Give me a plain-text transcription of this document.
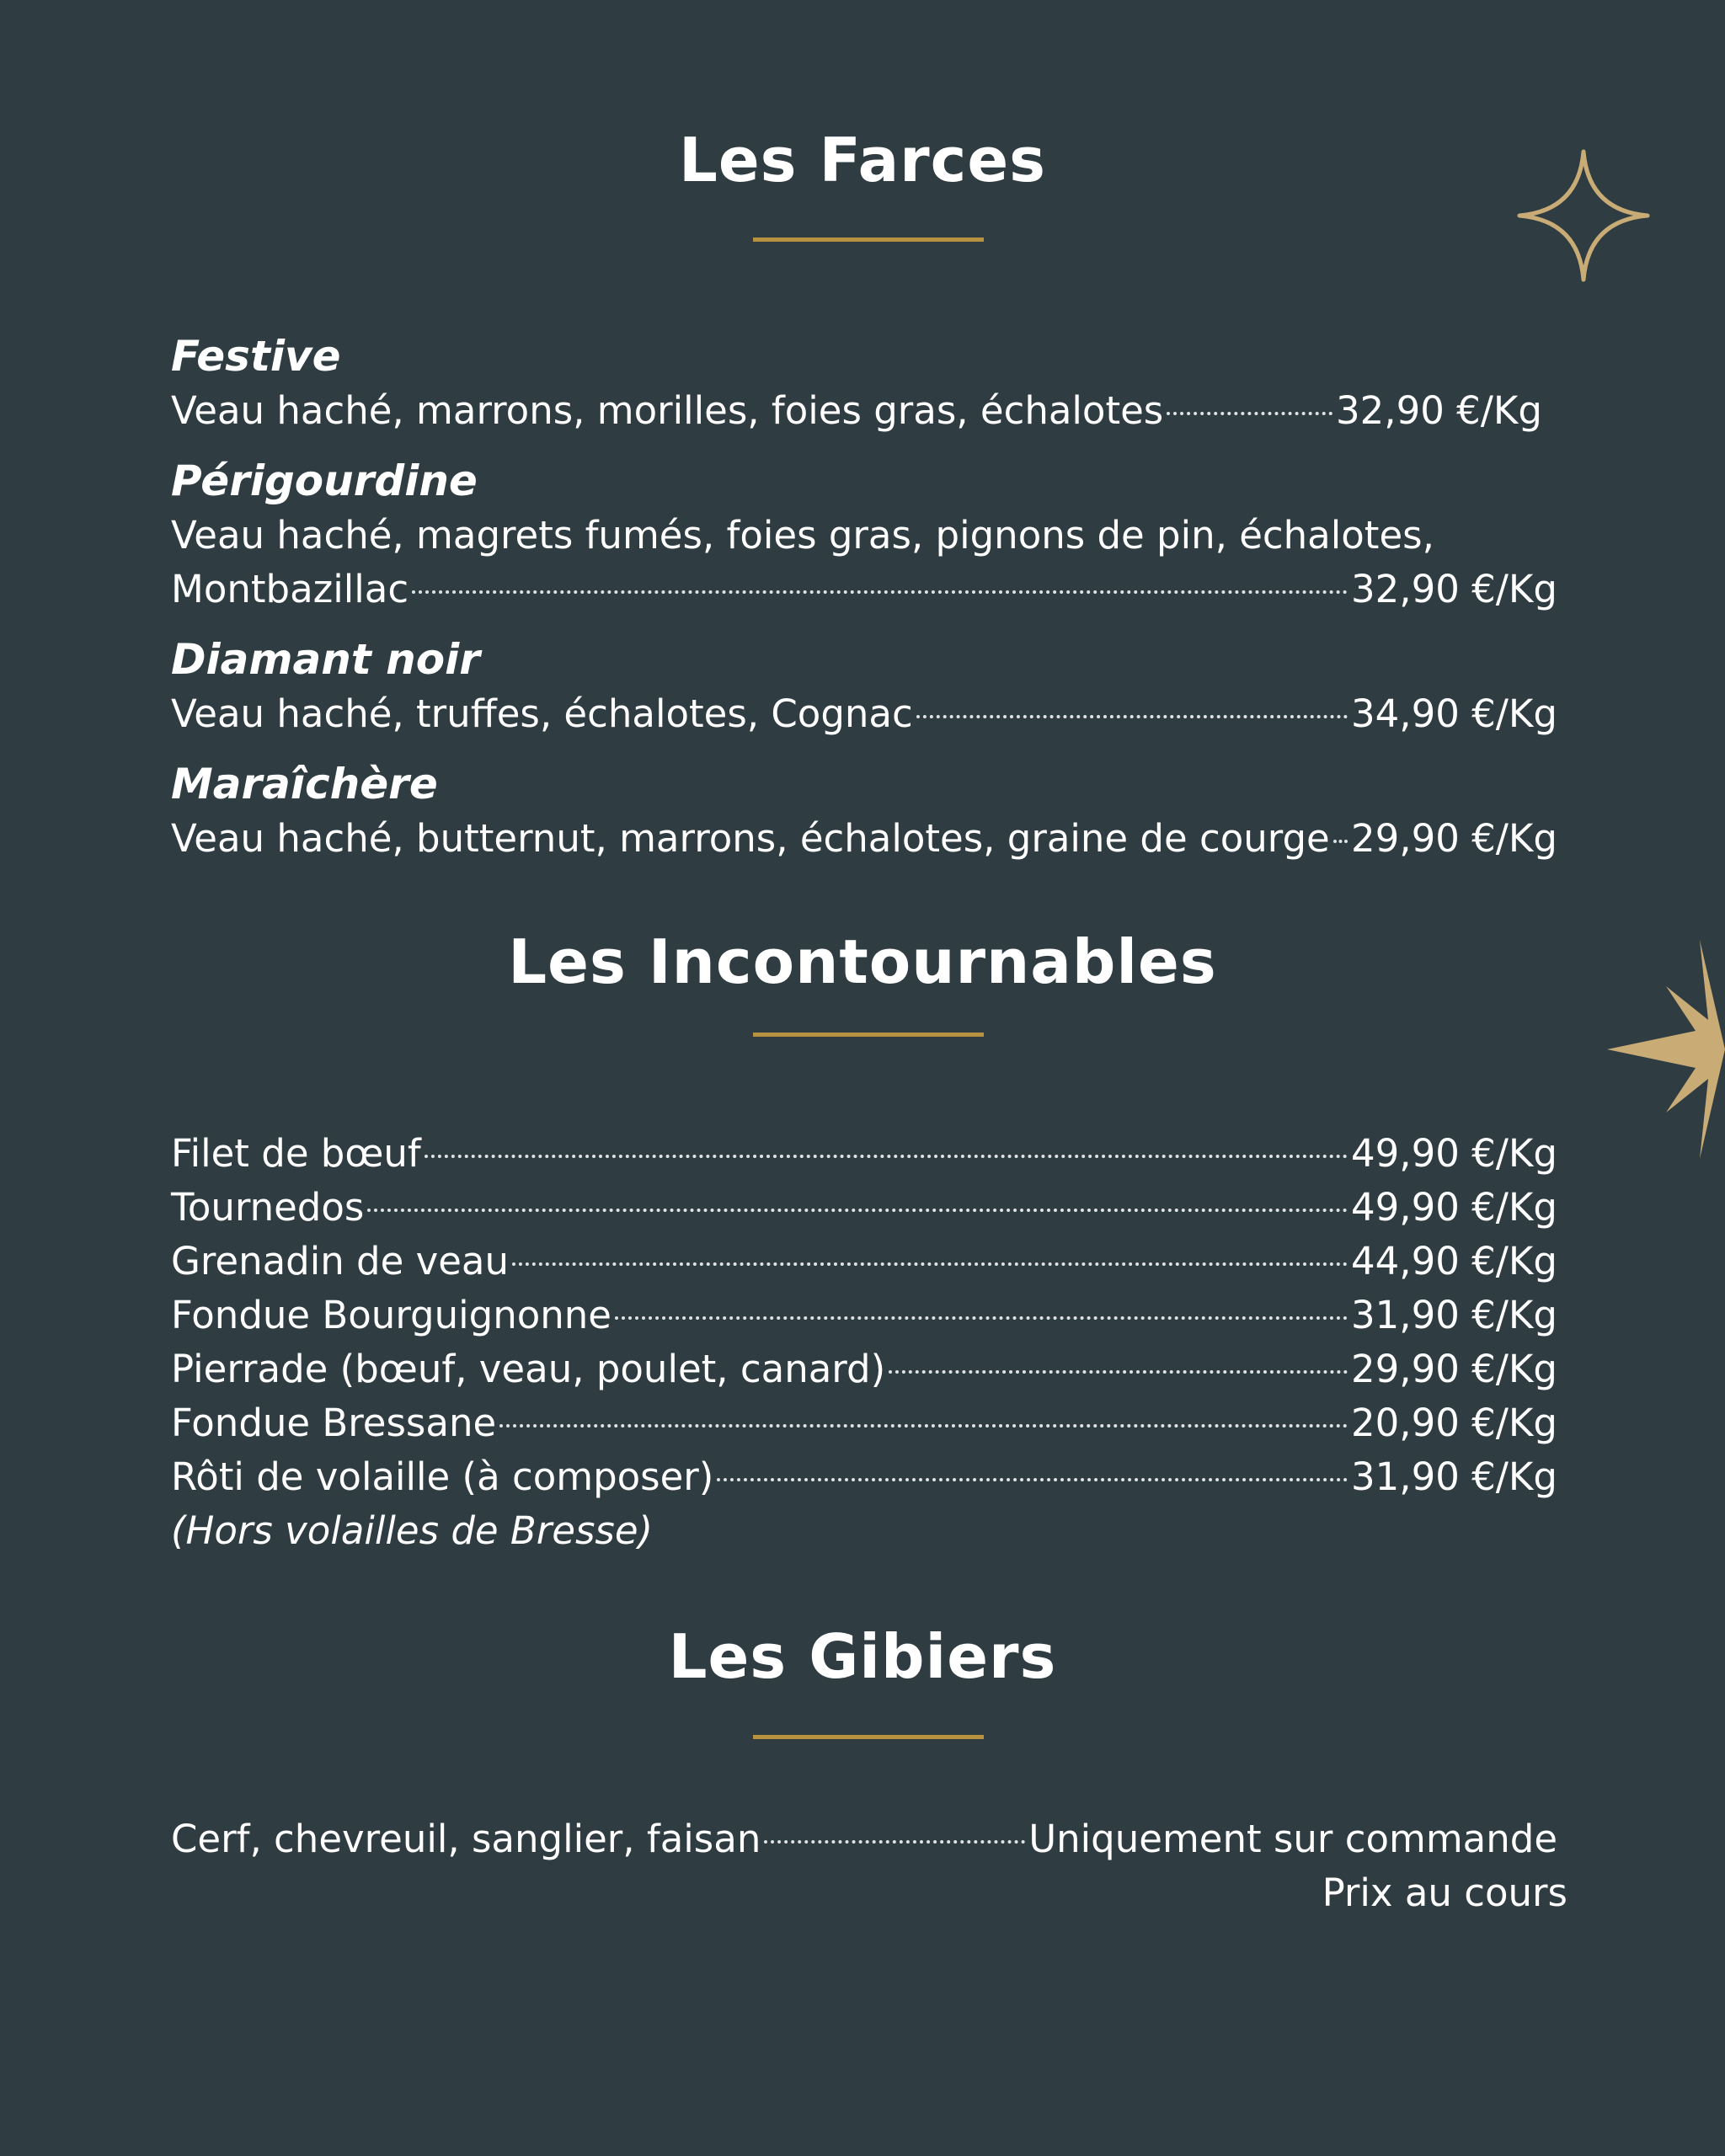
Les Farces
Festive
Veau haché, marrons, morilles, foies gras, échalotes	32,90 €/Kg
Périgourdine
Veau haché, magrets fumés, foies gras, pignons de pin, échalotes,
Montbazillac	32,90 €/Kg
Diamant noir
Veau haché, truffes, échalotes, Cognac	34,90 €/Kg
Maraîchère
Veau haché, butternut, marrons, échalotes, graine de courge 29,90 €/Kg
Les Incontournables
Filet de bœuf	49,90 €/Kg
Tournedos	49,90 €/Kg
Grenadin de veau	44,90 €/Kg
Fondue Bourguignonne	31,90 €/Kg
Pierrade (bœuf, veau, poulet, canard)	29,90 €/Kg
Fondue Bressane	20,90 €/Kg
Rôti de volaille (à composer)	31,90 €/Kg
(Hors volailles de Bresse)
Les Gibiers
Cerf, chevreuil, sanglier, faisan	Uniquement sur commande
Prix au cours
